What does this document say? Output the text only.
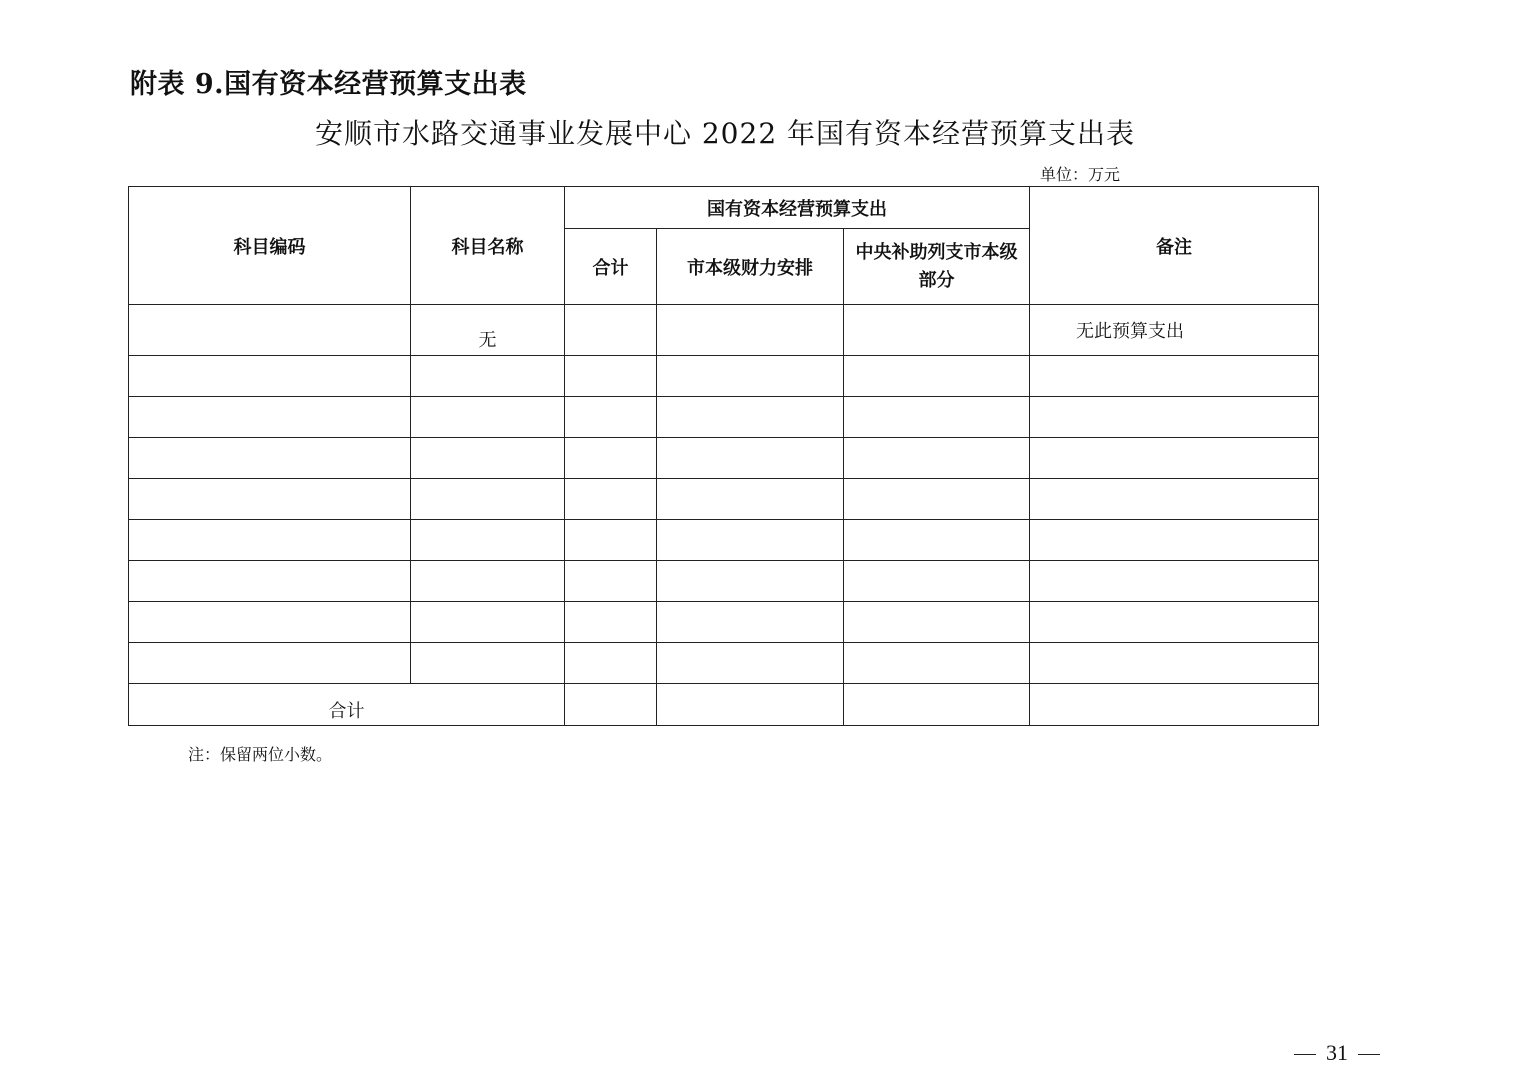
附表 9.国有资本经营预算支出表
安顺市水路交通事业发展中心 2022 年国有资本经营预算支出表
单位：万元
科目编码	科目名称	国有资本经营预算支出			备注
		合计	市本级财力安排	中央补助列支市本级部分	
	无				无此预算支出

合计					
注：保留两位小数。
31
